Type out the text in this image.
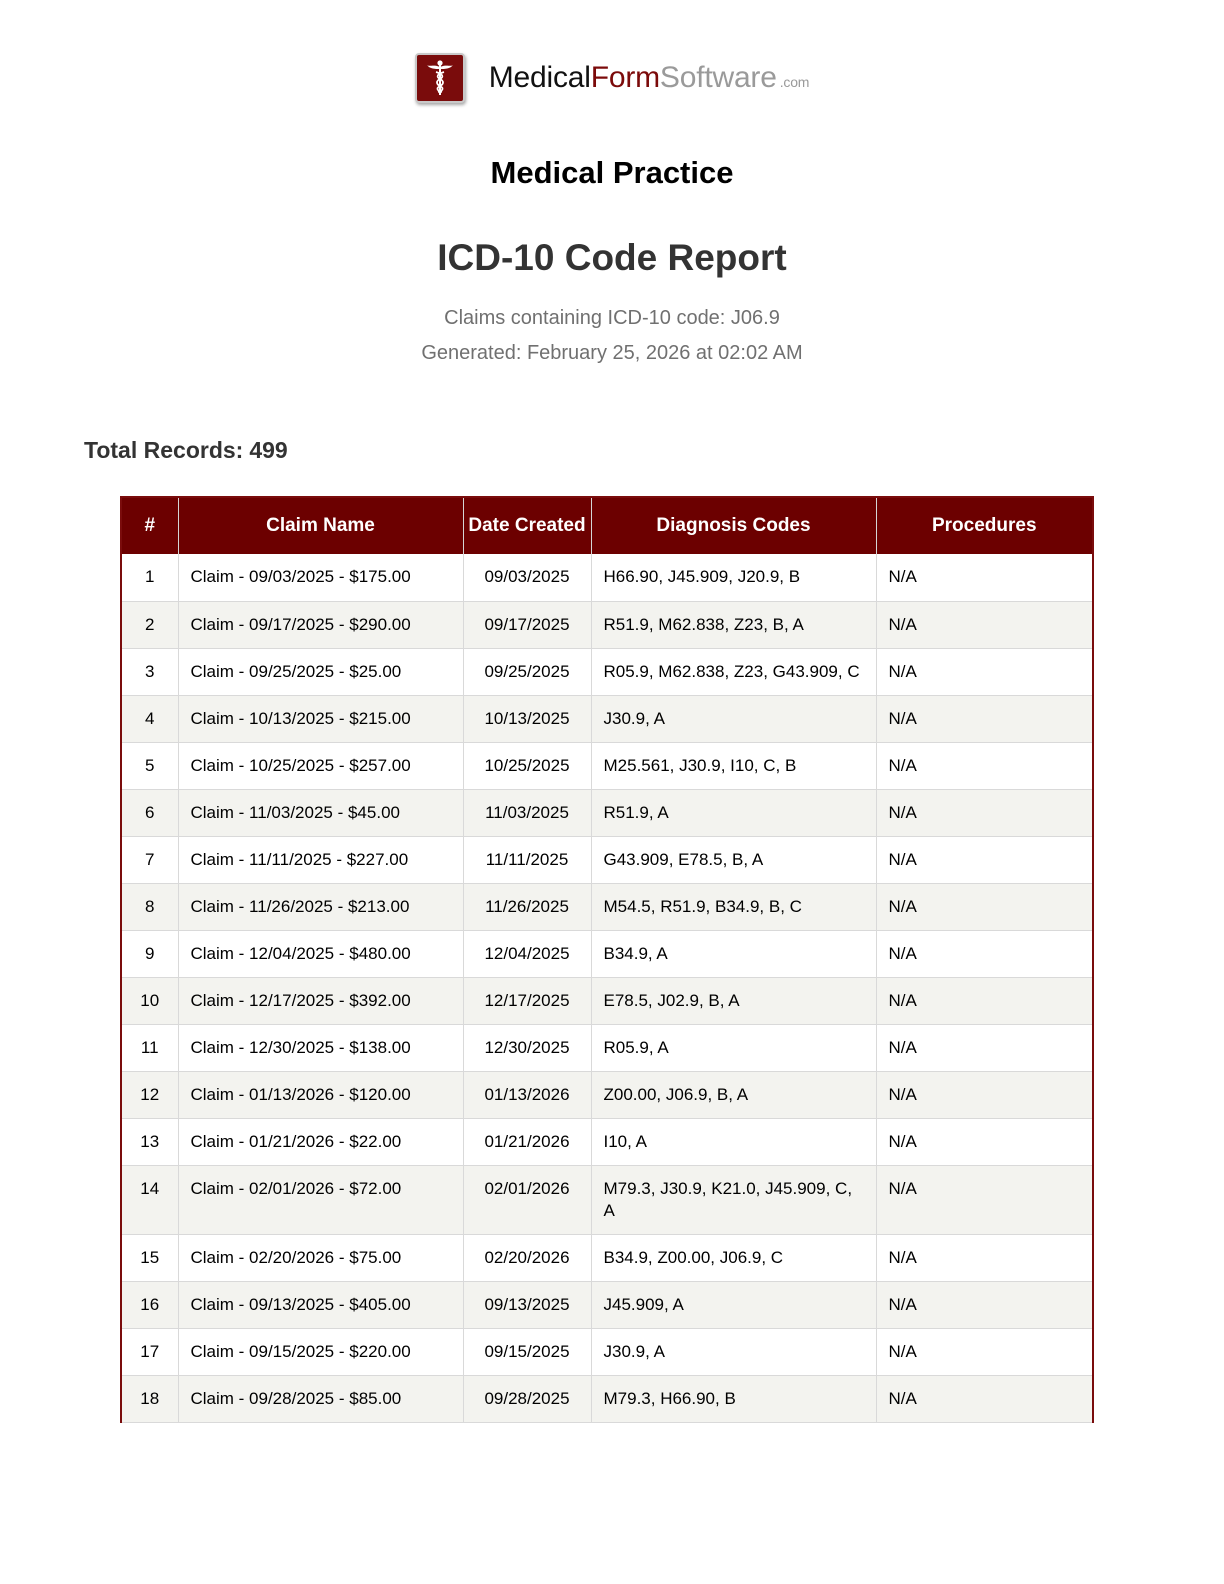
Medical Form Software .com
Medical Practice
ICD-10 Code Report
Claims containing ICD-10 code: J06.9
Generated: February 25, 2026 at 02:02 AM
Total Records: 499
#	Claim Name	Date Created	Diagnosis Codes	Procedures
1	Claim - 09/03/2025 - $175.00	09/03/2025	H66.90, J45.909, J20.9, B	N/A
2	Claim - 09/17/2025 - $290.00	09/17/2025	R51.9, M62.838, Z23, B, A	N/A
3	Claim - 09/25/2025 - $25.00	09/25/2025	R05.9, M62.838, Z23, G43.909, C	N/A
4	Claim - 10/13/2025 - $215.00	10/13/2025	J30.9, A	N/A
5	Claim - 10/25/2025 - $257.00	10/25/2025	M25.561, J30.9, I10, C, B	N/A
6	Claim - 11/03/2025 - $45.00	11/03/2025	R51.9, A	N/A
7	Claim - 11/11/2025 - $227.00	11/11/2025	G43.909, E78.5, B, A	N/A
8	Claim - 11/26/2025 - $213.00	11/26/2025	M54.5, R51.9, B34.9, B, C	N/A
9	Claim - 12/04/2025 - $480.00	12/04/2025	B34.9, A	N/A
10	Claim - 12/17/2025 - $392.00	12/17/2025	E78.5, J02.9, B, A	N/A
11	Claim - 12/30/2025 - $138.00	12/30/2025	R05.9, A	N/A
12	Claim - 01/13/2026 - $120.00	01/13/2026	Z00.00, J06.9, B, A	N/A
13	Claim - 01/21/2026 - $22.00	01/21/2026	I10, A	N/A
14	Claim - 02/01/2026 - $72.00	02/01/2026	M79.3, J30.9, K21.0, J45.909, C, A	N/A
15	Claim - 02/20/2026 - $75.00	02/20/2026	B34.9, Z00.00, J06.9, C	N/A
16	Claim - 09/13/2025 - $405.00	09/13/2025	J45.909, A	N/A
17	Claim - 09/15/2025 - $220.00	09/15/2025	J30.9, A	N/A
18	Claim - 09/28/2025 - $85.00	09/28/2025	M79.3, H66.90, B	N/A
